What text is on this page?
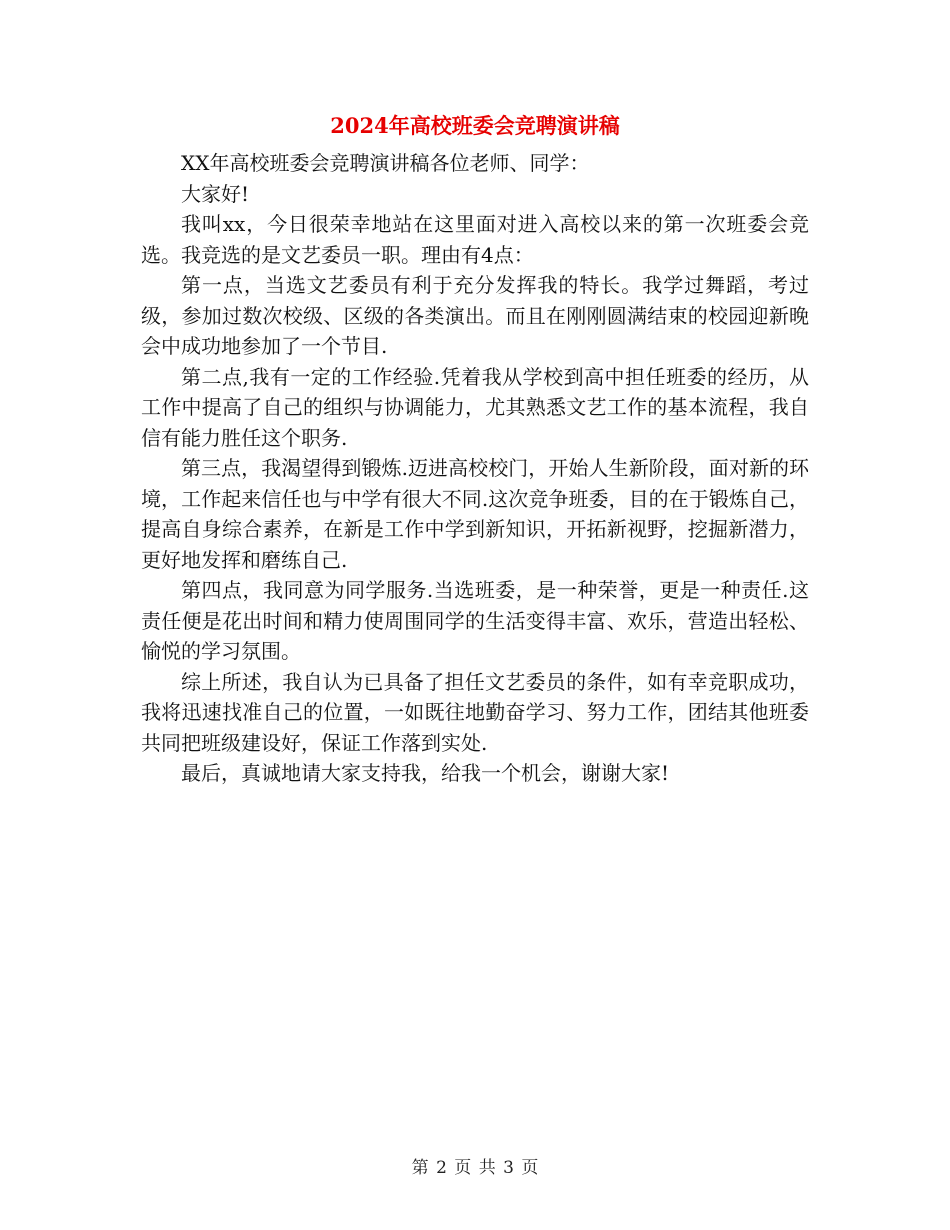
2024年高校班委会竞聘演讲稿

XX年高校班委会竞聘演讲稿各位老师、同学：

大家好!

我叫xx，今日很荣幸地站在这里面对进入高校以来的第一次班委会竞选。我竞选的是文艺委员一职。理由有4点：

第一点，当选文艺委员有利于充分发挥我的特长。我学过舞蹈，考过级，参加过数次校级、区级的各类演出。而且在刚刚圆满结束的校园迎新晚会中成功地参加了一个节目.

第二点,我有一定的工作经验.凭着我从学校到高中担任班委的经历，从工作中提高了自己的组织与协调能力，尤其熟悉文艺工作的基本流程，我自信有能力胜任这个职务.

第三点，我渴望得到锻炼.迈进高校校门，开始人生新阶段，面对新的环境，工作起来信任也与中学有很大不同.这次竞争班委，目的在于锻炼自己，提高自身综合素养，在新是工作中学到新知识，开拓新视野，挖掘新潜力，更好地发挥和磨练自己.

第四点，我同意为同学服务.当选班委，是一种荣誉，更是一种责任.这责任便是花出时间和精力使周围同学的生活变得丰富、欢乐，营造出轻松、愉悦的学习氛围。

综上所述，我自认为已具备了担任文艺委员的条件，如有幸竞职成功，我将迅速找准自己的位置，一如既往地勤奋学习、努力工作，团结其他班委共同把班级建设好，保证工作落到实处.

最后，真诚地请大家支持我，给我一个机会，谢谢大家!

第 2 页 共 3 页
